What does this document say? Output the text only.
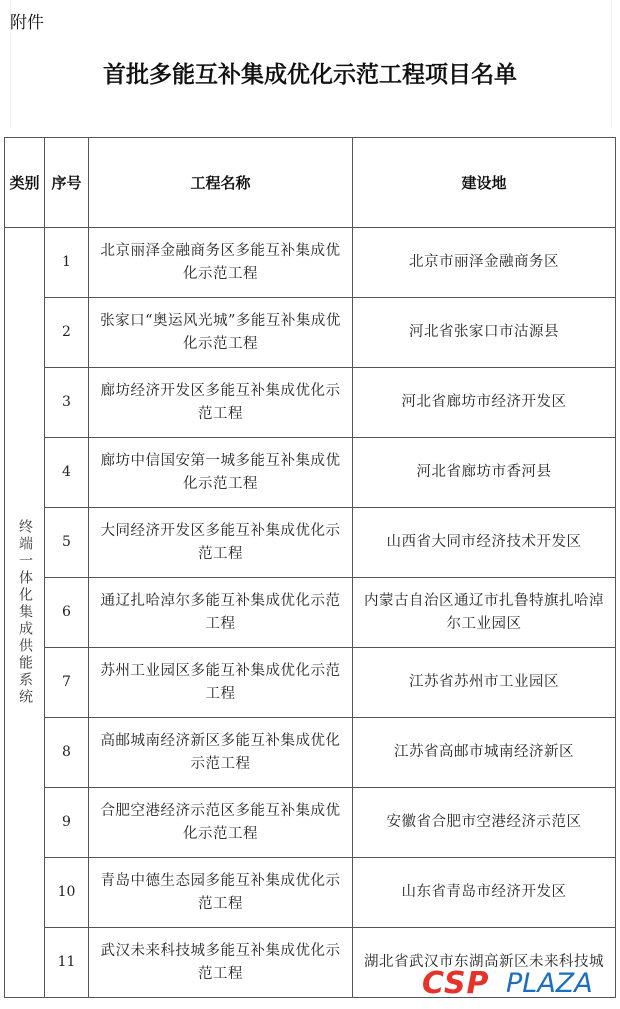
附件
首批多能互补集成优化示范工程项目名单
类别	序号	工程名称	建设地
终端一体化集成供能系统	1	北京丽泽金融商务区多能互补集成优化示范工程	北京市丽泽金融商务区
	2	张家口“奥运风光城”多能互补集成优化示范工程	河北省张家口市沽源县
	3	廊坊经济开发区多能互补集成优化示范工程	河北省廊坊市经济开发区
	4	廊坊中信国安第一城多能互补集成优化示范工程	河北省廊坊市香河县
	5	大同经济开发区多能互补集成优化示范工程	山西省大同市经济技术开发区
	6	通辽扎哈淖尔多能互补集成优化示范工程	内蒙古自治区通辽市扎鲁特旗扎哈淖尔工业园区
	7	苏州工业园区多能互补集成优化示范工程	江苏省苏州市工业园区
	8	高邮城南经济新区多能互补集成优化示范工程	江苏省高邮市城南经济新区
	9	合肥空港经济示范区多能互补集成优化示范工程	安徽省合肥市空港经济示范区
	10	青岛中德生态园多能互补集成优化示范工程	山东省青岛市经济开发区
	11	武汉未来科技城多能互补集成优化示范工程	湖北省武汉市东湖高新区未来科技城
CSP PLAZA
